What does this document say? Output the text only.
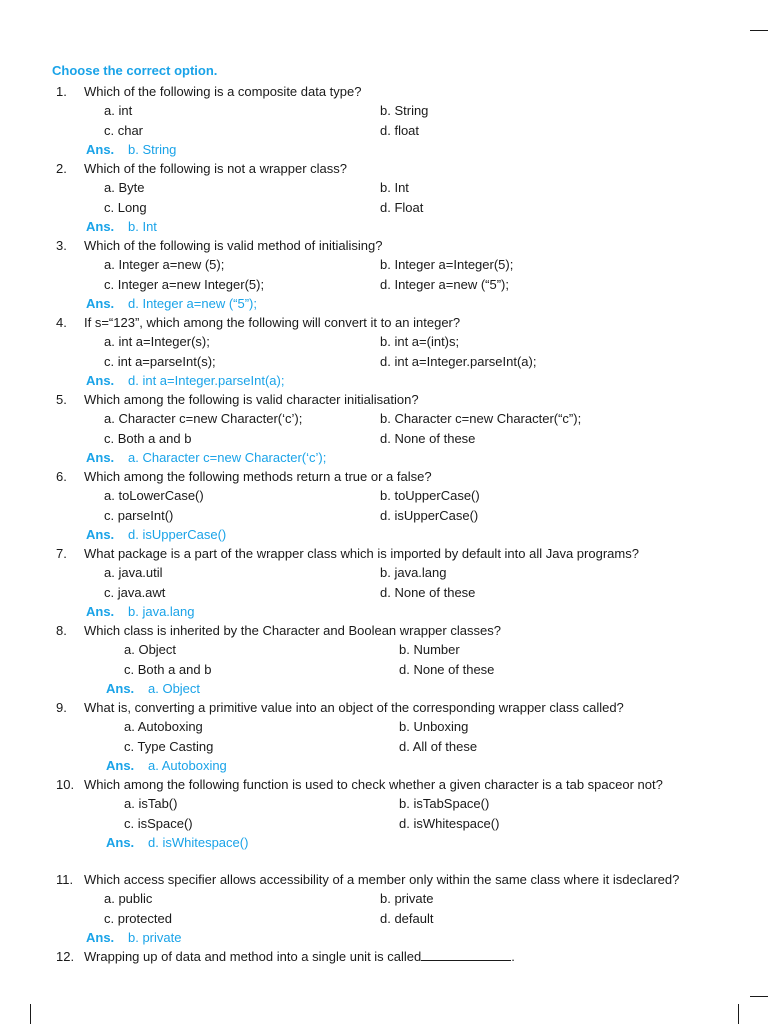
Choose the correct option.
1.	Which of the following is a composite data type?
a. int	b. String
c. char	d. float
Ans. b. String
2.	Which of the following is not a wrapper class?
a. Byte	b. Int
c. Long	d. Float
Ans. b. Int
3.	Which of the following is valid method of initialising?
a. Integer a=new (5);	b. Integer a=Integer(5);
c. Integer a=new Integer(5);	d. Integer a=new (“5”);
Ans. d. Integer a=new (“5”);
4.	If s=“123”, which among the following will convert it to an integer?
a. int a=Integer(s);	b. int a=(int)s;
c. int a=parseInt(s);	d. int a=Integer.parseInt(a);
Ans. d. int a=Integer.parseInt(a);
5.	Which among the following is valid character initialisation?
a. Character c=new Character(‘c’);	b. Character c=new Character(“c”);
c. Both a and b	d. None of these
Ans. a. Character c=new Character(‘c’);
6.	Which among the following methods return a true or a false?
a. toLowerCase()	b. toUpperCase()
c. parseInt()	d. isUpperCase()
Ans. d. isUpperCase()
7.	What package is a part of the wrapper class which is imported by default into all Java programs?
a. java.util	b. java.lang
c. java.awt	d. None of these
Ans. b. java.lang
8.	Which class is inherited by the Character and Boolean wrapper classes?
a. Object	b. Number
c. Both a and b	d. None of these
Ans. a. Object
9.	What is, converting a primitive value into an object of the corresponding wrapper class called?
a. Autoboxing	b. Unboxing
c. Type Casting	d. All of these
Ans. a. Autoboxing
10. Which among the following function is used to check whether a given character is a tab spaceor not?
a. isTab()	b. isTabSpace()
c. isSpace()	d. isWhitespace()
Ans. d. isWhitespace()
11. Which access specifier allows accessibility of a member only within the same class where it isdeclared?
a. public	b. private
c. protected	d. default
Ans. b. private
12. Wrapping up of data and method into a single unit is called	.
